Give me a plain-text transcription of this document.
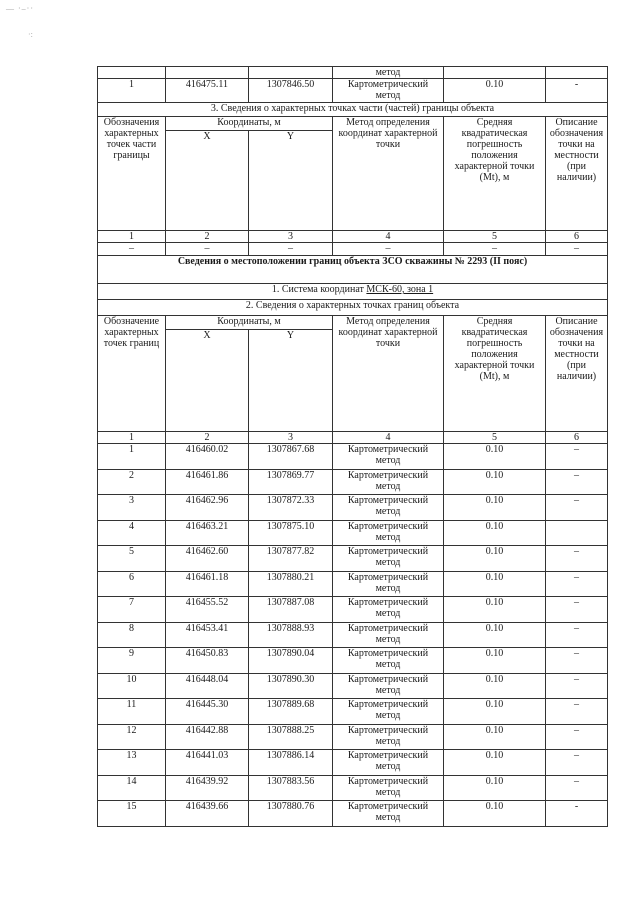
— ·–··
·:
			метод		
1	416475.11	1307846.50	Картометрический метод	0.10	-
3. Сведения о характерных точках части (частей) границы объекта					
Обозначения характерных точек части границы	Координаты, м		Метод определения координат характерной точки	Средняя квадратическая погрешность положения характерной точки (Mt), м	Описание обозначения точки на местности (при наличии)
	X	Y			
1	2	3	4	5	6
–	–	–	–	–	–
Сведения о местоположении границ объекта ЗСО скважины № 2293 (II пояс)					
1. Система координат МСК-60, зона 1					
2. Сведения о характерных точках границ объекта					
Обозначение характерных точек границ	Координаты, м		Метод определения координат характерной точки	Средняя квадратическая погрешность положения характерной точки (Mt), м	Описание обозначения точки на местности (при наличии)
	X	Y			
1	2	3	4	5	6
1	416460.02	1307867.68	Картометрический метод	0.10	–
2	416461.86	1307869.77	Картометрический метод	0.10	–
3	416462.96	1307872.33	Картометрический метод	0.10	–
4	416463.21	1307875.10	Картометрический метод	0.10	
5	416462.60	1307877.82	Картометрический метод	0.10	–
6	416461.18	1307880.21	Картометрический метод	0.10	–
7	416455.52	1307887.08	Картометрический метод	0.10	–
8	416453.41	1307888.93	Картометрический метод	0.10	–
9	416450.83	1307890.04	Картометрический метод	0.10	–
10	416448.04	1307890.30	Картометрический метод	0.10	–
11	416445.30	1307889.68	Картометрический метод	0.10	–
12	416442.88	1307888.25	Картометрический метод	0.10	–
13	416441.03	1307886.14	Картометрический метод	0.10	–
14	416439.92	1307883.56	Картометрический метод	0.10	–
15	416439.66	1307880.76	Картометрический метод	0.10	-
